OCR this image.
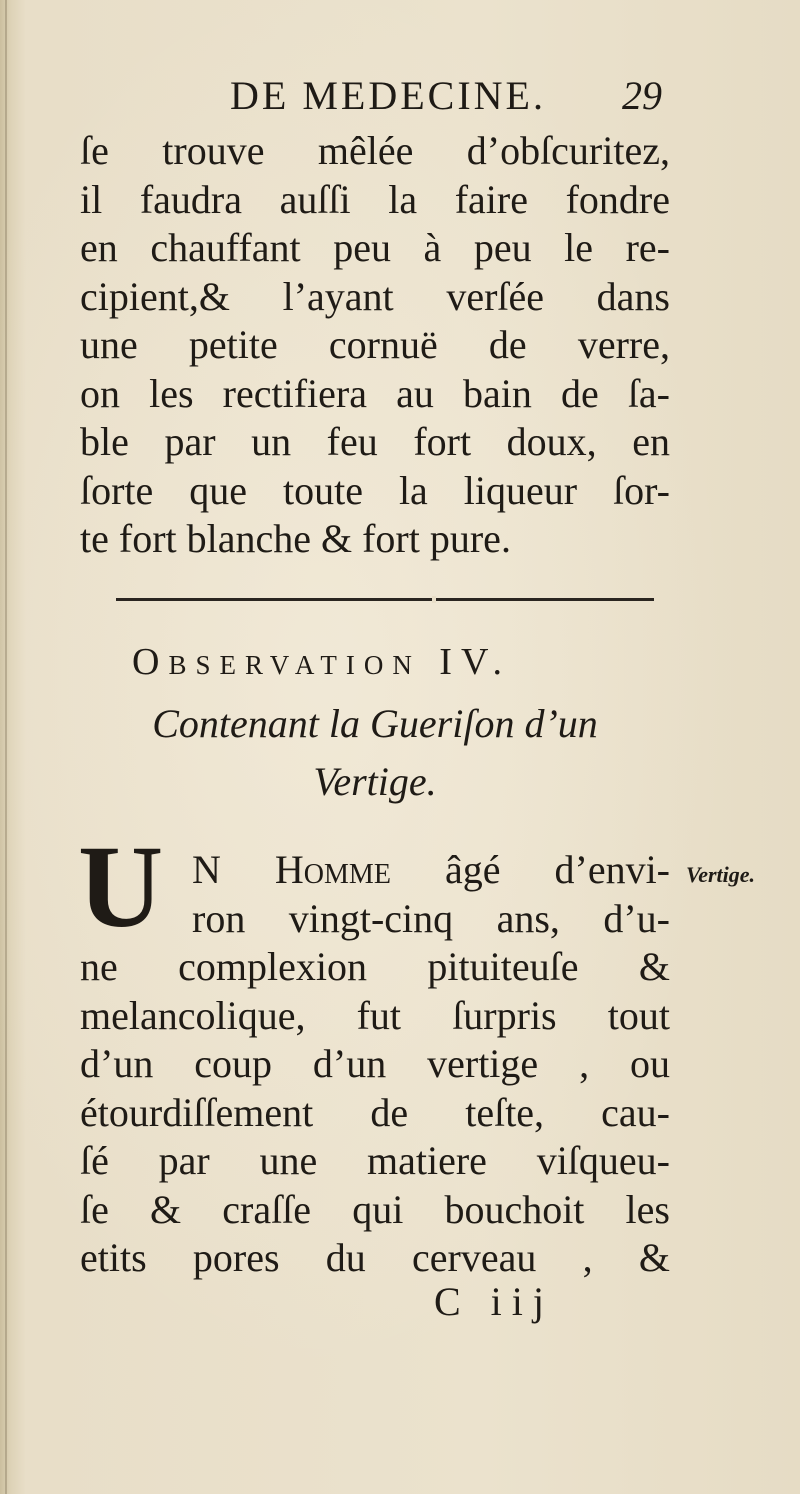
DE MEDECINE. 29
ſe trouve mêlée d’obſcuritez,
il faudra auſſi la faire fondre
en chauffant peu à peu le re-
cipient,& l’ayant verſée dans
une petite cornuë de verre,
on les rectifiera au bain de ſa-
ble par un feu fort doux, en
ſorte que toute la liqueur ſor-
te fort blanche & fort pure.
Observation IV.
Contenant la Gueriſon d’un
Vertige.
U N Homme âgé d’envi-
ron vingt-cinq ans, d’u-
ne complexion pituiteuſe &
melancolique, fut ſurpris tout
d’un coup d’un vertige , ou
étourdiſſement de teſte, cau-
ſé par une matiere viſqueu-
ſe & craſſe qui bouchoit les
etits pores du cerveau , &
Vertige.
C iij
